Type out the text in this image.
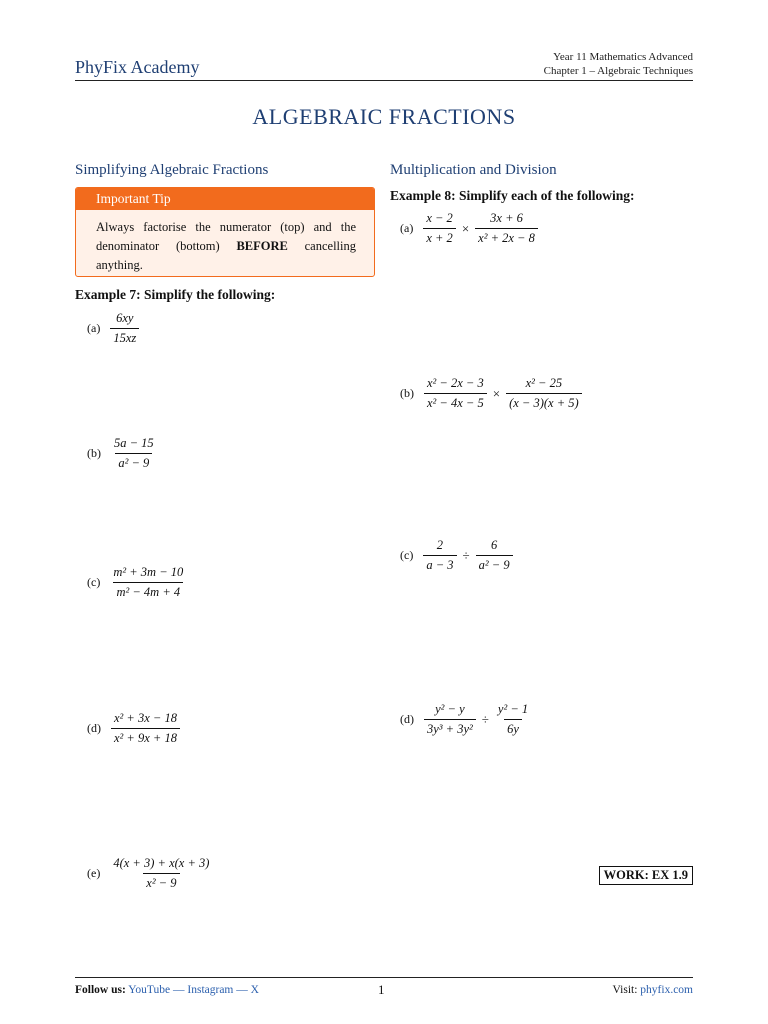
PhyFix Academy	Year 11 Mathematics Advanced
Chapter 1 – Algebraic Techniques
ALGEBRAIC FRACTIONS
Simplifying Algebraic Fractions
Important Tip
Always factorise the numerator (top) and the denominator (bottom) BEFORE cancelling anything.
Example 7: Simplify the following:
$(a) \frac{6xy}{15xz}$
$(b) \frac{5a - 15}{\text{a² − 9}}$
$(c) \frac{\text{m² + 3m − 10}}{\text{m² − 4m + 4}}$
$(d) \frac{\text{x² + 3x − 18}}{\text{x² + 9x + 18}}$
$(e) \frac{4(x + 3) + x(x + 3)}{\text{x² − 9}}$
Multiplication and Division
Example 8: Simplify each of the following:
$(a) \frac{x - 2}{x + 2} \times \frac{3x + 6}{\text{x² + 2x − 8}}$
$(b) \frac{\text{x² − 2x − 3}}{\text{x² − 4x − 5}} \times \frac{\text{x² − 25}}{(x - 3)(x + 5)}$
$(c) \frac{2}{a - 3} \div \frac{6}{\text{a² − 9}}$
$(d) \frac{\text{y² − y}}{\text{3y³ + 3y²}} \div \frac{\text{y² − 1}}{6y}$
WORK: EX 1.9
Follow us: YouTube — Instagram — X	1	Visit: phyfix.com
